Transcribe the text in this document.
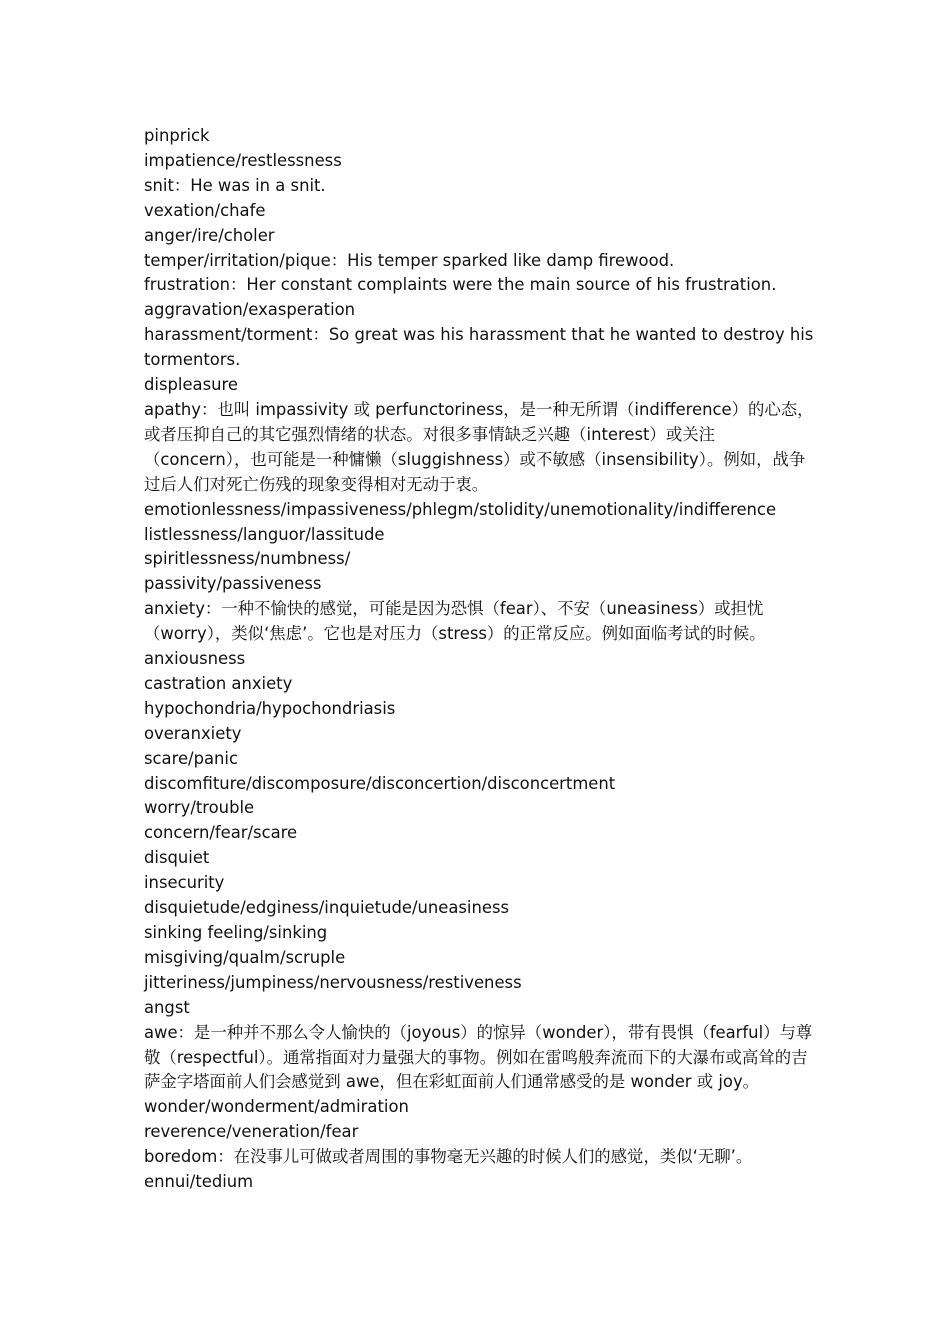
pinprick

impatience/restlessness

snit：He was in a snit.

vexation/chafe

anger/ire/choler

temper/irritation/pique：His temper sparked like damp firewood.

frustration：Her constant complaints were the main source of his frustration.

aggravation/exasperation

harassment/torment：So great was his harassment that he wanted to destroy his tormentors.

displeasure

apathy：也叫 impassivity 或 perfunctoriness，是一种无所谓（indifference）的心态，或者压抑自己的其它强烈情绪的状态。对很多事情缺乏兴趣（interest）或关注（concern），也可能是一种慵懒（sluggishness）或不敏感（insensibility）。例如，战争过后人们对死亡伤残的现象变得相对无动于衷。

emotionlessness/impassiveness/phlegm/stolidity/unemotionality/indifference

listlessness/languor/lassitude

spiritlessness/numbness/

passivity/passiveness

anxiety：一种不愉快的感觉，可能是因为恐惧（fear）、不安（uneasiness）或担忧（worry），类似‘焦虑’。它也是对压力（stress）的正常反应。例如面临考试的时候。

anxiousness

castration anxiety

hypochondria/hypochondriasis

overanxiety

scare/panic

discomfiture/discomposure/disconcertion/disconcertment

worry/trouble

concern/fear/scare

disquiet

insecurity

disquietude/edginess/inquietude/uneasiness

sinking feeling/sinking

misgiving/qualm/scruple

jitteriness/jumpiness/nervousness/restiveness

angst

awe：是一种并不那么令人愉快的（joyous）的惊异（wonder），带有畏惧（fearful）与尊敬（respectful）。通常指面对力量强大的事物。例如在雷鸣般奔流而下的大瀑布或高耸的吉萨金字塔面前人们会感觉到 awe，但在彩虹面前人们通常感受的是 wonder 或 joy。

wonder/wonderment/admiration

reverence/veneration/fear

boredom：在没事儿可做或者周围的事物毫无兴趣的时候人们的感觉，类似‘无聊’。

ennui/tedium
